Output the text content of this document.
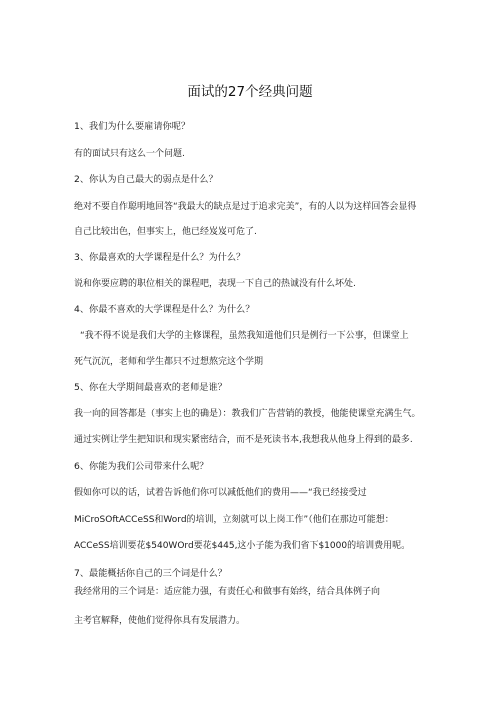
面试的27个经典问题
1、我们为什么要雇请你呢？
有的面试只有这么一个问题.
2、你认为自己最大的弱点是什么？
绝对不要自作聪明地回答“我最大的缺点是过于追求完美”，有的人以为这样回答会显得
自己比较出色，但事实上，他已经岌岌可危了.
3、你最喜欢的大学课程是什么？为什么？
说和你要应聘的职位相关的课程吧，表现一下自己的热诚没有什么坏处.
4、你最不喜欢的大学课程是什么？为什么？
“我不得不说是我们大学的主修课程，虽然我知道他们只是例行一下公事，但课堂上
死气沉沉，老师和学生都只不过想熬完这个学期
5、你在大学期间最喜欢的老师是谁？
我一向的回答都是（事实上也的确是）：教我们广告营销的教授，他能使课堂充满生气。
通过实例让学生把知识和现实紧密结合，而不是死读书本,我想我从他身上得到的最多.
6、你能为我们公司带来什么呢？
假如你可以的话，试着告诉他们你可以减低他们的费用——“我已经接受过
MiCroSOftACCeSS和Word的培训，立刻就可以上岗工作”（他们在那边可能想：
ACCeSS培训要花$540WOrd要花$445,这小子能为我们省下$1000的培训费用呢。
7、最能概括你自己的三个词是什么？
我经常用的三个词是：适应能力强，有责任心和做事有始终，结合具体例子向
主考官解释，使他们觉得你具有发展潜力。
